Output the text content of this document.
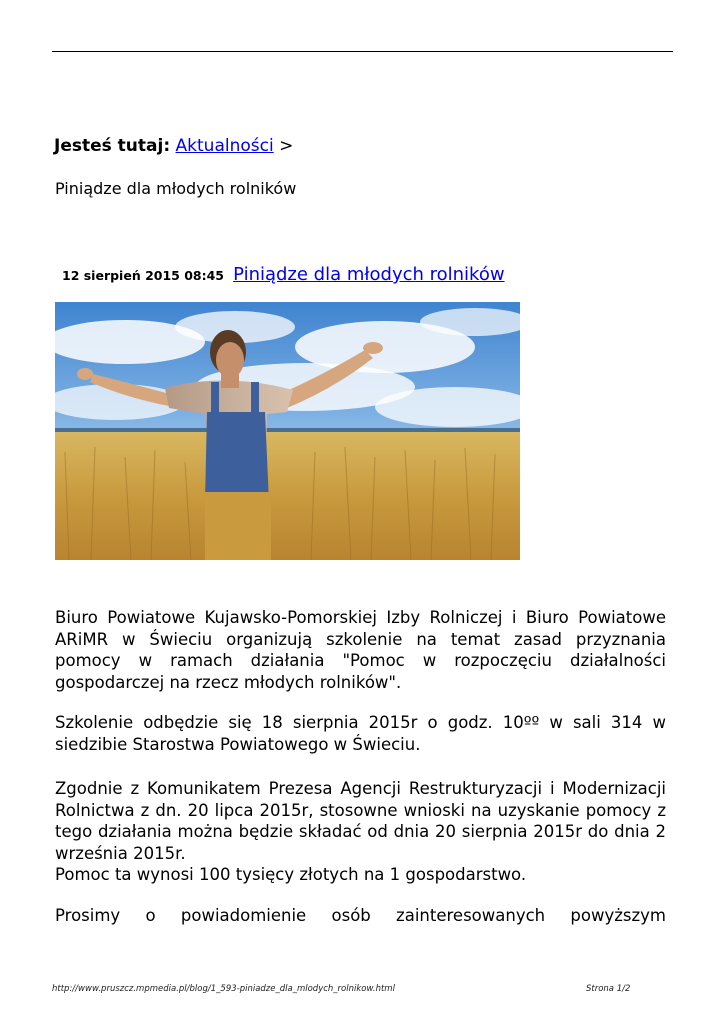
Jesteś tutaj: Aktualności >
Piniądze dla młodych rolników
12 sierpień 2015 08:45 Piniądze dla młodych rolników

Biuro Powiatowe Kujawsko-Pomorskiej Izby Rolniczej i Biuro Powiatowe ARiMR w Świeciu organizują szkolenie na temat zasad przyznania pomocy w ramach działania "Pomoc w rozpoczęciu działalności gospodarczej na rzecz młodych rolników".

Szkolenie odbędzie się 18 sierpnia 2015r o godz. 10ºº w sali 314 w siedzibie Starostwa Powiatowego w Świeciu.

Zgodnie z Komunikatem Prezesa Agencji Restrukturyzacji i Modernizacji Rolnictwa z dn. 20 lipca 2015r, stosowne wnioski na uzyskanie pomocy z tego działania można będzie składać od dnia 20 sierpnia 2015r do dnia 2 września 2015r.
Pomoc ta wynosi 100 tysięcy złotych na 1 gospodarstwo.

Prosimy o powiadomienie osób zainteresowanych powyższym

http://www.pruszcz.mpmedia.pl/blog/1_593-piniadze_dla_mlodych_rolnikow.html	Strona 1/2
